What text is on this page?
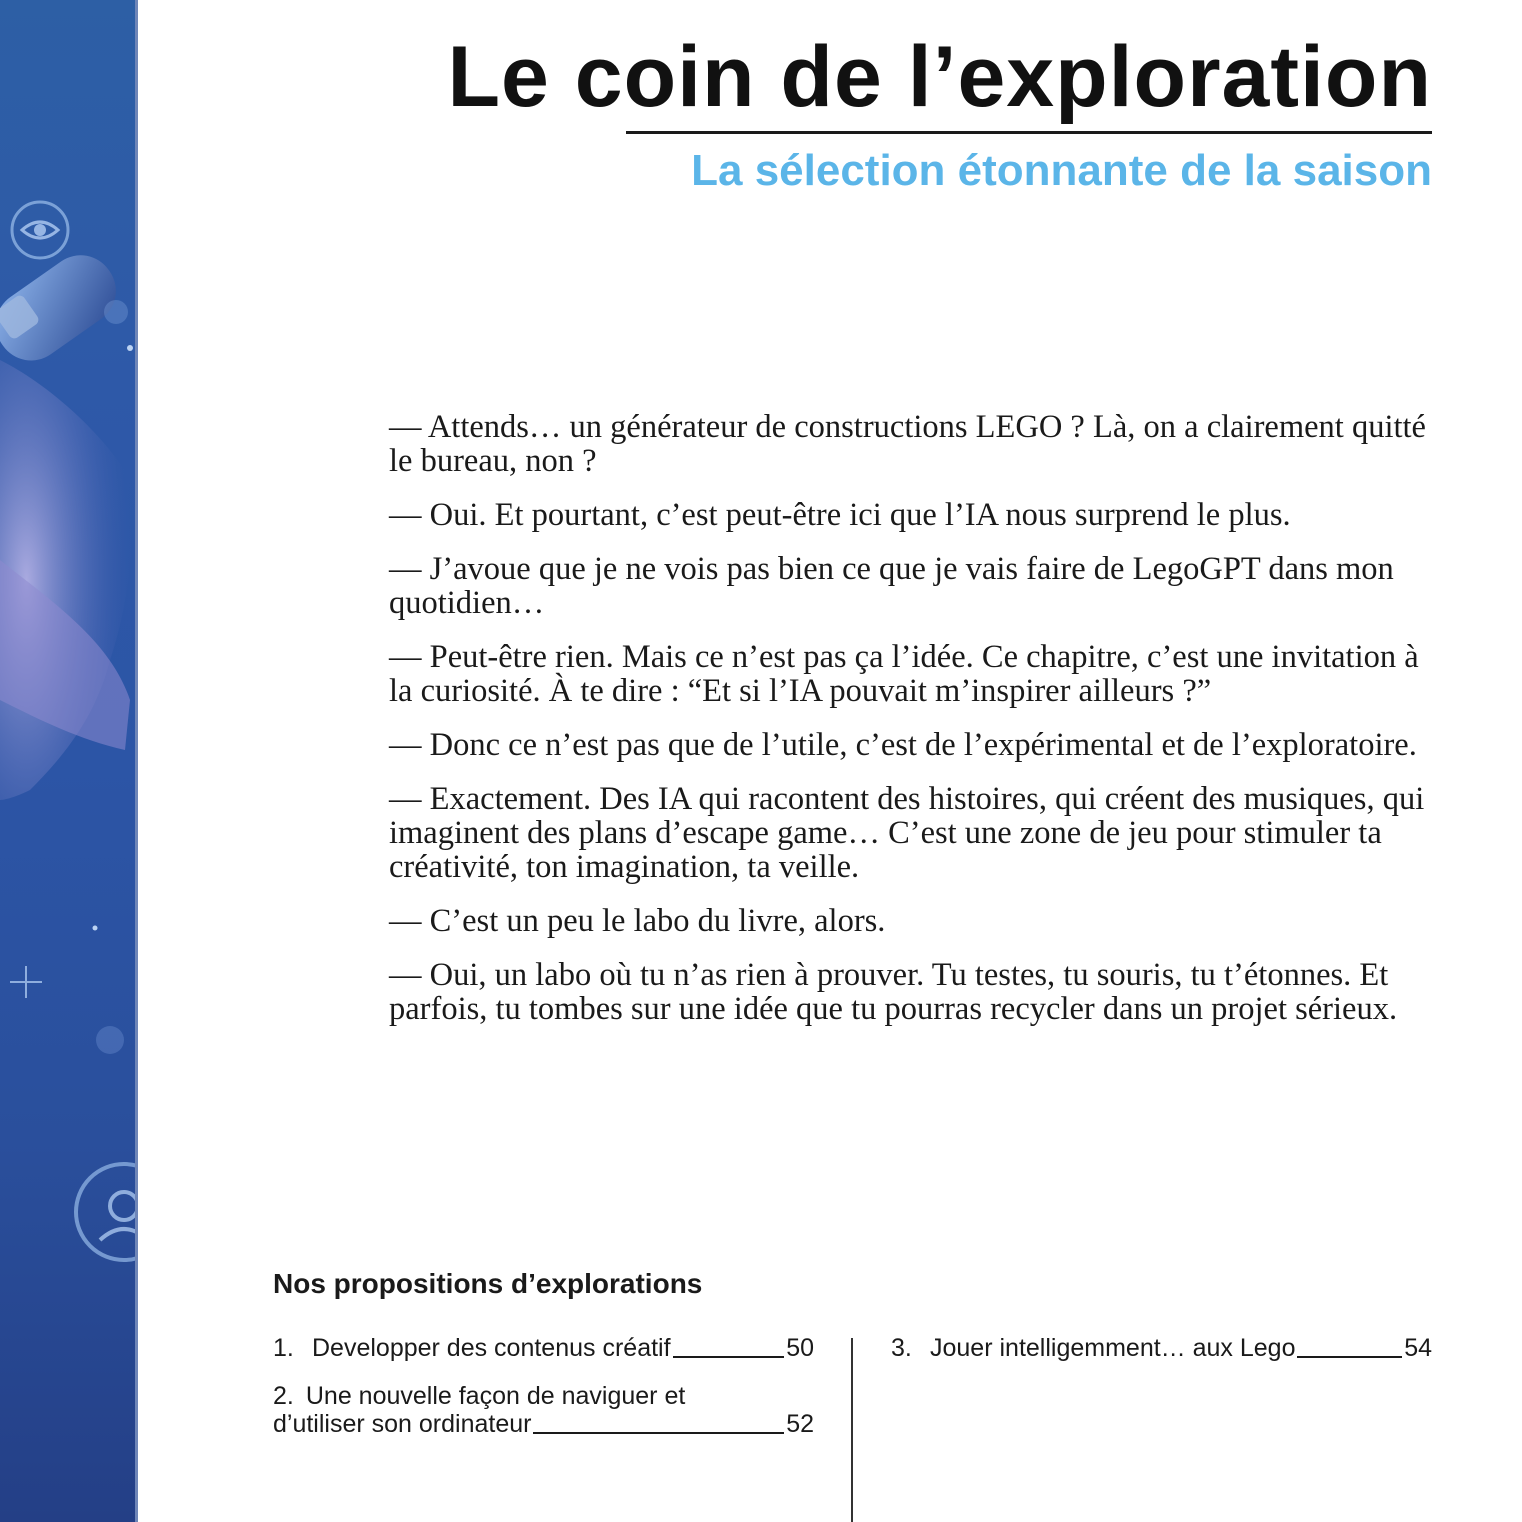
Le coin de l’exploration
La sélection étonnante de la saison

— Attends… un générateur de constructions LEGO ? Là, on a clairement quitté le bureau, non ?

— Oui. Et pourtant, c’est peut-être ici que l’IA nous surprend le plus.

— J’avoue que je ne vois pas bien ce que je vais faire de LegoGPT dans mon quotidien…

— Peut-être rien. Mais ce n’est pas ça l’idée. Ce chapitre, c’est une invitation à la curiosité. À te dire : “Et si l’IA pouvait m’inspirer ailleurs ?”

— Donc ce n’est pas que de l’utile, c’est de l’expérimental et de l’exploratoire.

— Exactement. Des IA qui racontent des histoires, qui créent des musiques, qui imaginent des plans d’escape game… C’est une zone de jeu pour stimuler ta créativité, ton imagination, ta veille.

— C’est un peu le labo du livre, alors.

— Oui, un labo où tu n’as rien à prouver. Tu testes, tu souris, tu t’étonnes. Et parfois, tu tombes sur une idée que tu pourras recycler dans un projet sérieux.

Nos propositions d’explorations
1. Developper des contenus créatif	50
2. Une nouvelle façon de naviguer et
d’utiliser son ordinateur	52
3. Jouer intelligemment… aux Lego	54
